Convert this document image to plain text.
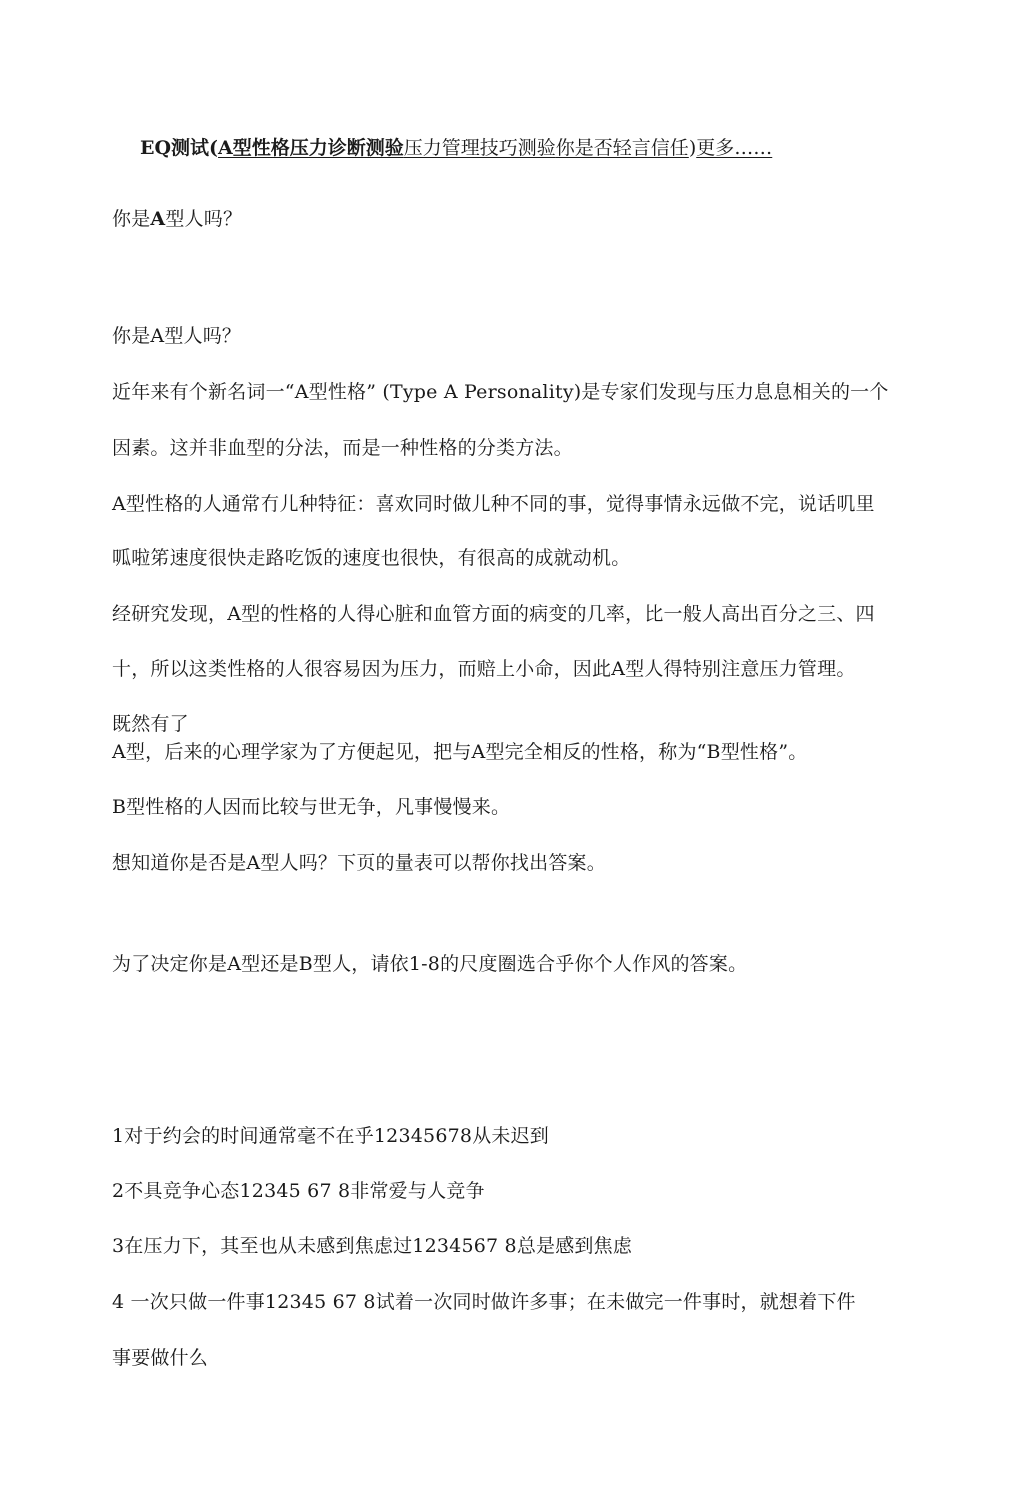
EQ测试(A型性格压力诊断测验压力管理技巧测验你是否轻言信任)更多……
你是A型人吗？
你是A型人吗？
近年来有个新名词一“A型性格” (Type A Personality)是专家们发现与压力息息相关的一个
因素。这并非血型的分法，而是一种性格的分类方法。
A型性格的人通常冇儿种特征：喜欢同时做儿种不同的事，觉得事情永远做不完，说话叽里
呱啦笫速度很快走路吃饭的速度也很快，有很高的成就动机。
经研究发现，A型的性格的人得心脏和血管方面的病变的几率，比一般人高出百分之三、四
十，所以这类性格的人很容易因为压力，而赔上小命，因此A型人得特别注意压力管理。
既然有了
A型，后来的心理学家为了方便起见，把与A型完全相反的性格，称为“B型性格”。
B型性格的人因而比较与世无争，凡事慢慢来。
想知道你是否是A型人吗？下页的量表可以帮你找出答案。
为了决定你是A型还是B型人，请依1-8的尺度圈选合乎你个人作风的答案。
1对于约会的时间通常毫不在乎12345678从未迟到
2不具竞争心态12345 67 8非常爱与人竞争
3在压力下，其至也从未感到焦虑过1234567 8总是感到焦虑
4 一次只做一件事12345 67 8试着一次同时做许多事；在未做完一件事时，就想着下件
事要做什么
